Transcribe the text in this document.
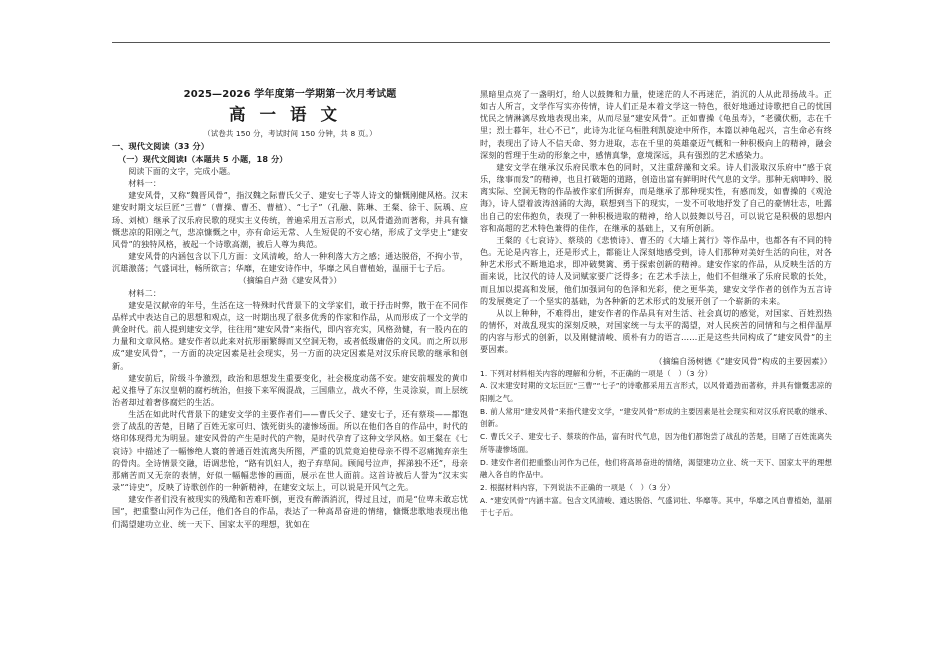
2025—2026 学年度第一学期第一次月考试题
高一语文
（试卷共 150 分，考试时间 150 分钟，共 8 页。）
一、现代文阅读（33 分）
（一）现代文阅读Ⅰ（本题共 5 小题，18 分）

阅读下面的文字，完成小题。

材料一：

建安风骨，又称“魏晋风骨”，指汉魏之际曹氏父子、建安七子等人诗文的慷慨刚健风格。汉末建安时期文坛巨匠“三曹”（曹操、曹丕、曹植）、“七子”（孔融、陈琳、王粲、徐干、阮瑀、应玚、刘桢）继承了汉乐府民歌的现实主义传统，普遍采用五言形式，以风骨遒劲而著称，并具有慷慨悲凉的阳刚之气，悲凉慷慨之中，亦有命运无常、人生短促的不安心绪，形成了文学史上“建安风骨”的独特风格，被起一个诗歌高潮，被后人尊为典范。

建安风骨的内涵包含以下几方面：文风清峻，给人一种利落大方之感；通达脱俗，不拘小节，沉雄激荡；气盛词壮，畅所欲言；华靡，在建安诗作中，华靡之风自曹植始，温丽于七子后。

（摘编自卢劲《建安风骨》）

材料二：

建安是汉献帝的年号，生活在这一特殊时代背景下的文学家们，敢于抒击时弊，散于在不同作品样式中表达自己的思想和观点，这一时期出现了很多优秀的作家和作品，从而形成了一个文学的黄金时代。前人提到建安文学，往往用“建安风骨”来指代，即内容充实，风格劲健，有一股内在的力量和文章风格。建安作者以此来对抗形丽繁缛而又空洞无物，或者低级庸俗的文风。而之所以形成“建安风骨”，一方面的决定因素是社会现实，另一方面的决定因素是对汉乐府民歌的继承和创新。

建安前后，阶级斗争激烈，政治和思想发生重要变化，社会极度动荡不安。建安前堰发的黄巾起义推导了东汉皇朝的腐朽统治，但接下来军阀混战，三国鼎立，战火不停，生灵涂炭，而上层统治者却过着奢侈腐烂的生活。

生活在如此时代背景下的建安文学的主要作者们——曹氏父子、建安七子，还有蔡琰——都饱尝了战乱的苦楚，目睹了百姓无家可归、饿死街头的凄惨场面。所以在他们各自的作品中，时代的烙印体现得尤为明显。建安风骨的产生是时代的产物，是时代孕育了这种文学风格。如王粲在《七哀诗》中描述了一幅惨绝人寰的普通百姓流离失所图，严重的饥荒竟迫使母亲不得不忍痛抛弃亲生的骨肉。全诗情景交融，语调悲怆，“路有饥妇人，抱子弃草间。顾闻号泣声，挥涕独不还”，母亲那痛苦而又无奈的表情，好似一幅幅悲惨的画面，展示在世人面前。这首诗被后人誉为“汉末实录”“诗史”，反映了诗歌创作的一种新精神，在建安文坛上，可以说是开风气之先。

建安作者们没有被现实的残酷和苦难吓倒，更没有醉酒消沉，得过且过，而是“位卑未敢忘忧国”，把重整山河作为己任，他们各自的作品，表达了一种高昂奋进的情绪，慷慨悲歌地表现出他们渴望建功立业、统一天下、国家太平的理想，犹如在

黑暗里点亮了一盏明灯，给人以鼓舞和力量，使迷茫的人不再迷茫，消沉的人从此昂扬战斗。正如古人所言，文学作写实亦传情，诗人们正是本着文学这一特色，很好地通过诗歌把自己的忧国忧民之情淋漓尽致地表现出来，从而尽显“建安风骨”。正如曹操《龟虽寿》，“老骥伏枥，志在千里；烈士暮年，壮心不已”，此诗为北征乌桓胜利凯旋途中所作，本篇以神龟起兴，言生命必有终时，表现出了诗人不信天命、努力进取，志在千里的英雄豪迈气概和一种积极向上的精神，融会深刻的哲理于生动的形象之中，感情真挚，意境深远，具有强烈的艺术感染力。

建安文学在继承汉乐府民歌本色的同时，又注重辞藻和文采。诗人们汲取汉乐府中“感于哀乐，缘事而发”的精神，也且打破题的道路，创造出富有鲜明时代气息的文学。那种无病呻吟、脱离实际、空洞无物的作品被作家们所摒弃，而是继承了那种现实性，有感而发，如曹操的《观沧海》，诗人望着波涛汹涌的大海，联想到当下的现实，一发不可收地抒发了自己的豪情壮志，吐露出自己的宏伟抱负，表现了一种积极进取的精神，给人以鼓舞以号召，可以说它是积极的思想内容和高超的艺术特色兼得的佳作，在继承的基础上，又有所创新。

王粲的《七哀诗》、蔡琰的《悲愤诗》、曹丕的《大墙上蒿行》等作品中，也都各有不同的特色。无论是内容上，还是形式上，都能让人深刻地感受到，诗人们那种对美好生活的向往，对各种艺术形式不断地追求，即冲破樊篱、勇于探索创新的精神。建安作家的作品，从反映生活的方面来说，比汉代的诗人及词赋家要广泛得多；在艺术手法上，他们不但继承了乐府民歌的长处，而且加以提高和发展，他们加强词句的色泽和光彩，使之更华美，建安文学作者的创作为五言诗的发展奠定了一个坚实的基础，为各种新的艺术形式的发展开创了一个崭新的未来。

从以上种种，不难得出，建安作者的作品具有对生活、社会真切的感觉，对国家、百姓烈热的情怀，对战乱现实的深刻反映，对国家统一与太平的渴望，对人民疾苦的同情和与之相伴温厚的内容与形式的创新，以及刚健清峻、质朴有力的语言……正是这些共同构成了“建安风骨”的主要因素。

（摘编自汤树德《“建安风骨”构成的主要因素》）

1. 下列对材料相关内容的理解和分析，不正确的一项是（　）（3 分）

A. 汉末建安时期的文坛巨匠“三曹”“七子”的诗歌都采用五言形式，以风骨遒劲而著称，并具有慷慨悲凉的阳刚之气。

B. 前人常用“建安风骨”来指代建安文学，“建安风骨”形成的主要因素是社会现实和对汉乐府民歌的继承、创新。

C. 曹氏父子、建安七子、蔡琰的作品，富有时代气息，因为他们都饱尝了战乱的苦楚，目睹了百姓流离失所等凄惨场面。

D. 建安作者们把重整山河作为己任，他们将高昂奋进的情绪，渴望建功立业、统一天下、国家太平的理想融入各自的作品中。

2. 根据材料内容，下列说法不正确的一项是（　）（3 分）

A. “建安风骨”内涵丰富。包含文风清峻、通达脱俗、气盛词壮、华靡等。其中，华靡之风自曹植始，温丽于七子后。
